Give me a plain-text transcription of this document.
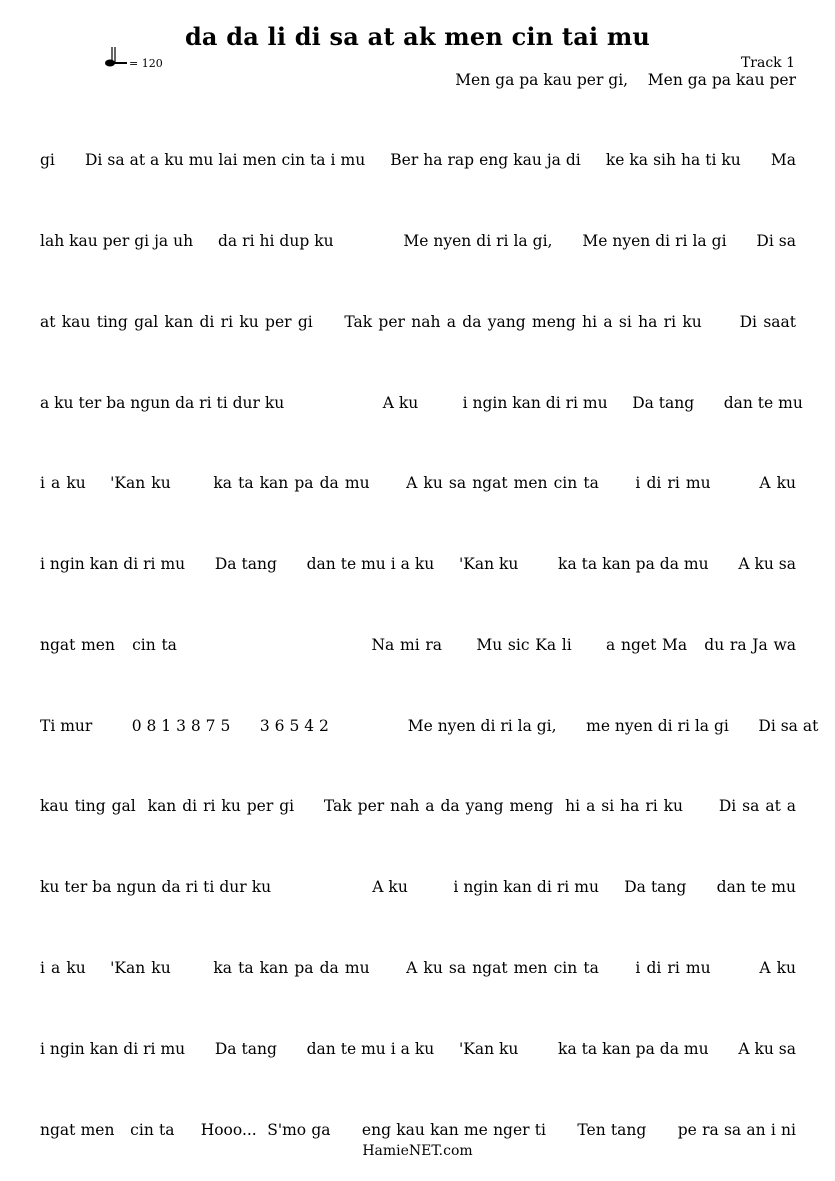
da da li di sa at ak men cin tai mu
= 120	Track 1
Men ga pa kau per gi,    Men ga pa kau per
gi      Di sa at a ku mu lai men cin ta i mu     Ber ha rap eng kau ja di     ke ka sih ha ti ku      Ma
lah kau per gi ja uh     da ri hi dup ku              Me nyen di ri la gi,      Me nyen di ri la gi      Di sa
at kau ting gal kan di ri ku per gi     Tak per nah a da yang meng hi a si ha ri ku      Di saat
a ku ter ba ngun da ri ti dur ku                    A ku         i ngin kan di ri mu     Da tang      dan te mu
i a ku    'Kan ku       ka ta kan pa da mu      A ku sa ngat men cin ta      i di ri mu        A ku
i ngin kan di ri mu      Da tang      dan te mu i a ku     'Kan ku        ka ta kan pa da mu      A ku sa
ngat men   cin ta                                  Na mi ra      Mu sic Ka li      a nget Ma   du ra Ja wa
Ti mur        0 8 1 3 8 7 5      3 6 5 4 2                Me nyen di ri la gi,      me nyen di ri la gi      Di sa at
kau ting gal  kan di ri ku per gi     Tak per nah a da yang meng  hi a si ha ri ku      Di sa at a
ku ter ba ngun da ri ti dur ku                    A ku         i ngin kan di ri mu     Da tang      dan te mu
i a ku    'Kan ku       ka ta kan pa da mu      A ku sa ngat men cin ta      i di ri mu        A ku
i ngin kan di ri mu      Da tang      dan te mu i a ku     'Kan ku        ka ta kan pa da mu      A ku sa
ngat men   cin ta     Hooo...  S'mo ga      eng kau kan me nger ti      Ten tang      pe ra sa an i ni
HamieNET.com
